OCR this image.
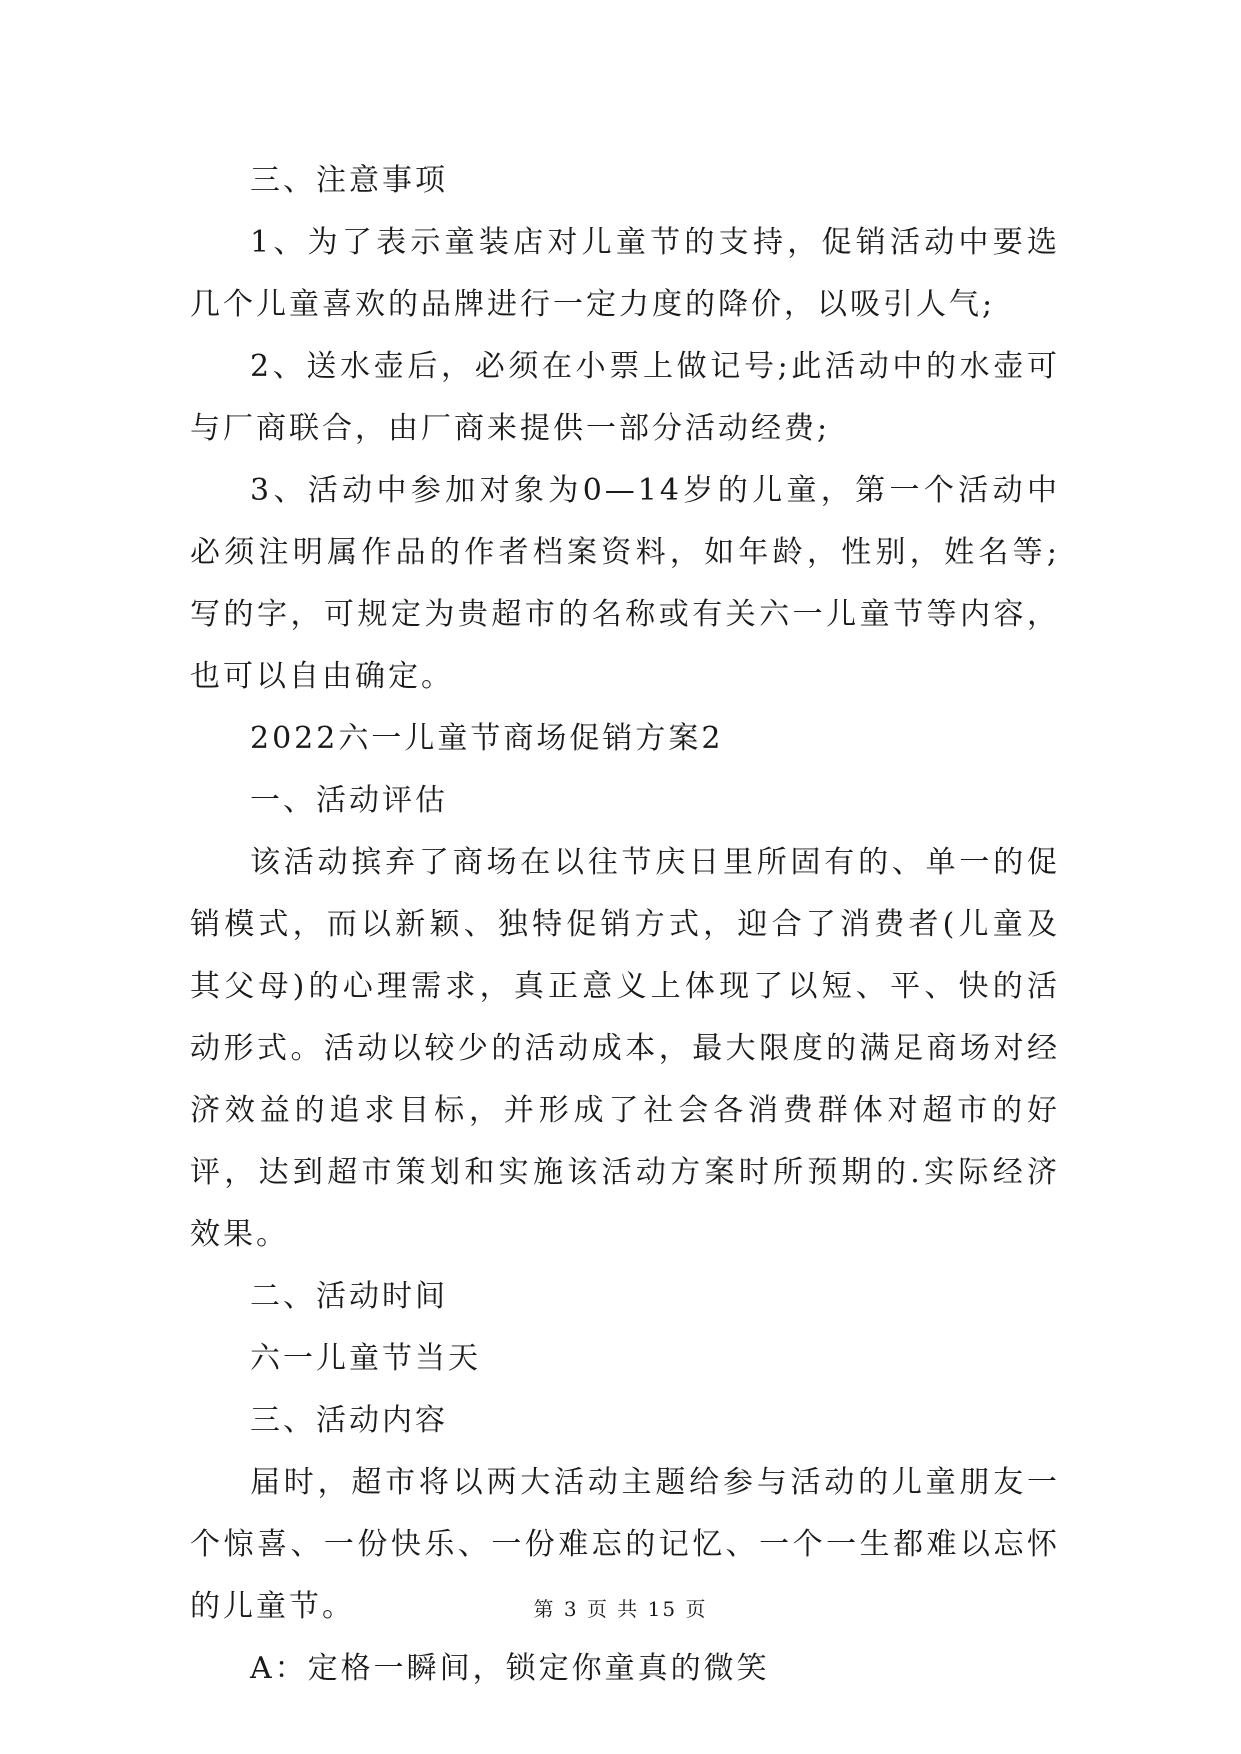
三、注意事项

1、为了表示童装店对儿童节的支持，促销活动中要选几个儿童喜欢的品牌进行一定力度的降价，以吸引人气;

2、送水壶后，必须在小票上做记号;此活动中的水壶可与厂商联合，由厂商来提供一部分活动经费;

3、活动中参加对象为0—14岁的儿童，第一个活动中必须注明属作品的作者档案资料，如年龄，性别，姓名等;写的字，可规定为贵超市的名称或有关六一儿童节等内容，也可以自由确定。

2022六一儿童节商场促销方案2

一、活动评估

该活动摈弃了商场在以往节庆日里所固有的、单一的促销模式，而以新颖、独特促销方式，迎合了消费者(儿童及其父母)的心理需求，真正意义上体现了以短、平、快的活动形式。活动以较少的活动成本，最大限度的满足商场对经济效益的追求目标，并形成了社会各消费群体对超市的好评，达到超市策划和实施该活动方案时所预期的.实际经济效果。

二、活动时间

六一儿童节当天

三、活动内容

届时，超市将以两大活动主题给参与活动的儿童朋友一个惊喜、一份快乐、一份难忘的记忆、一个一生都难以忘怀的儿童节。

A：定格一瞬间，锁定你童真的微笑

第 3 页 共 15 页
